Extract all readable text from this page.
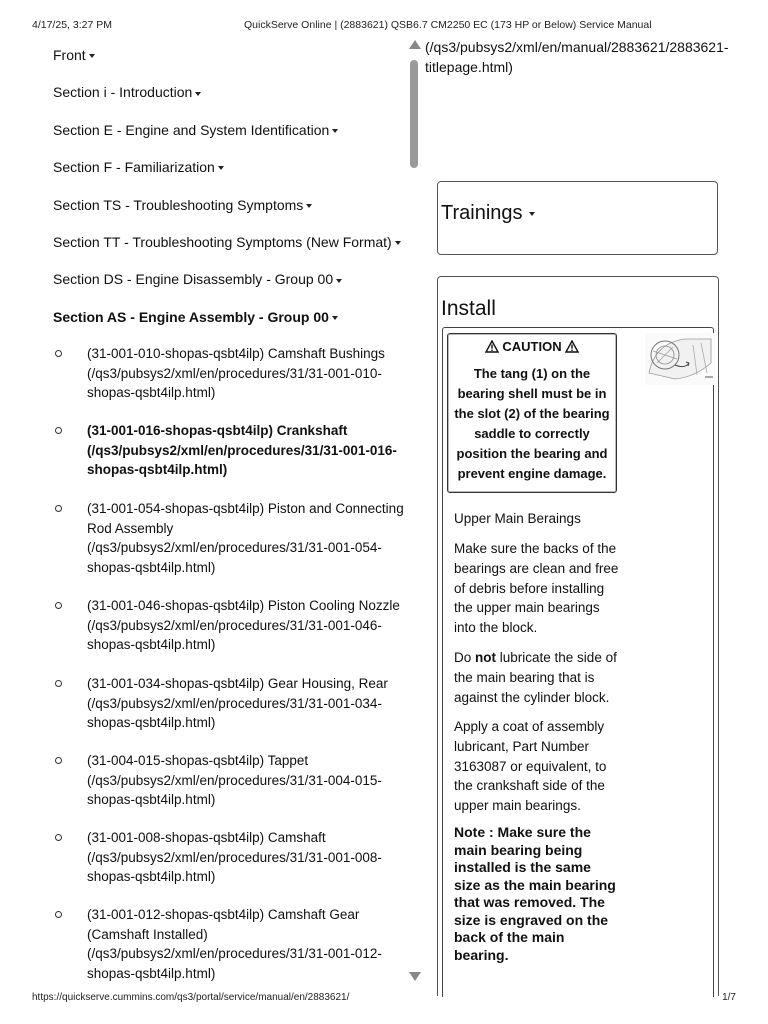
4/17/25, 3:27 PM	QuickServe Online | (2883621) QSB6.7 CM2250 EC (173 HP or Below) Service Manual
Front
Section i - Introduction
Section E - Engine and System Identification
Section F - Familiarization
Section TS - Troubleshooting Symptoms
Section TT - Troubleshooting Symptoms (New Format)
Section DS - Engine Disassembly - Group 00
Section AS - Engine Assembly - Group 00
(31-001-010-shopas-qsbt4ilp) Camshaft Bushings
(/qs3/pubsys2/xml/en/procedures/31/31-001-010-
shopas-qsbt4ilp.html)
(31-001-016-shopas-qsbt4ilp) Crankshaft
(/qs3/pubsys2/xml/en/procedures/31/31-001-016-
shopas-qsbt4ilp.html)
(31-001-054-shopas-qsbt4ilp) Piston and Connecting
Rod Assembly
(/qs3/pubsys2/xml/en/procedures/31/31-001-054-
shopas-qsbt4ilp.html)
(31-001-046-shopas-qsbt4ilp) Piston Cooling Nozzle
(/qs3/pubsys2/xml/en/procedures/31/31-001-046-
shopas-qsbt4ilp.html)
(31-001-034-shopas-qsbt4ilp) Gear Housing, Rear
(/qs3/pubsys2/xml/en/procedures/31/31-001-034-
shopas-qsbt4ilp.html)
(31-004-015-shopas-qsbt4ilp) Tappet
(/qs3/pubsys2/xml/en/procedures/31/31-004-015-
shopas-qsbt4ilp.html)
(31-001-008-shopas-qsbt4ilp) Camshaft
(/qs3/pubsys2/xml/en/procedures/31/31-001-008-
shopas-qsbt4ilp.html)
(31-001-012-shopas-qsbt4ilp) Camshaft Gear
(Camshaft Installed)
(/qs3/pubsys2/xml/en/procedures/31/31-001-012-
shopas-qsbt4ilp.html)
(/qs3/pubsys2/xml/en/manual/2883621/2883621-
titlepage.html)
Trainings
Install
CAUTION
The tang (1) on the
bearing shell must be in
the slot (2) of the bearing
saddle to correctly
position the bearing and
prevent engine damage.
Upper Main Beraings
Make sure the backs of the
bearings are clean and free
of debris before installing
the upper main bearings
into the block.
Do not lubricate the side of
the main bearing that is
against the cylinder block.
Apply a coat of assembly
lubricant, Part Number
3163087 or equivalent, to
the crankshaft side of the
upper main bearings.
Note : Make sure the
main bearing being
installed is the same
size as the main bearing
that was removed. The
size is engraved on the
back of the main
bearing.
https://quickserve.cummins.com/qs3/portal/service/manual/en/2883621/	1/7
